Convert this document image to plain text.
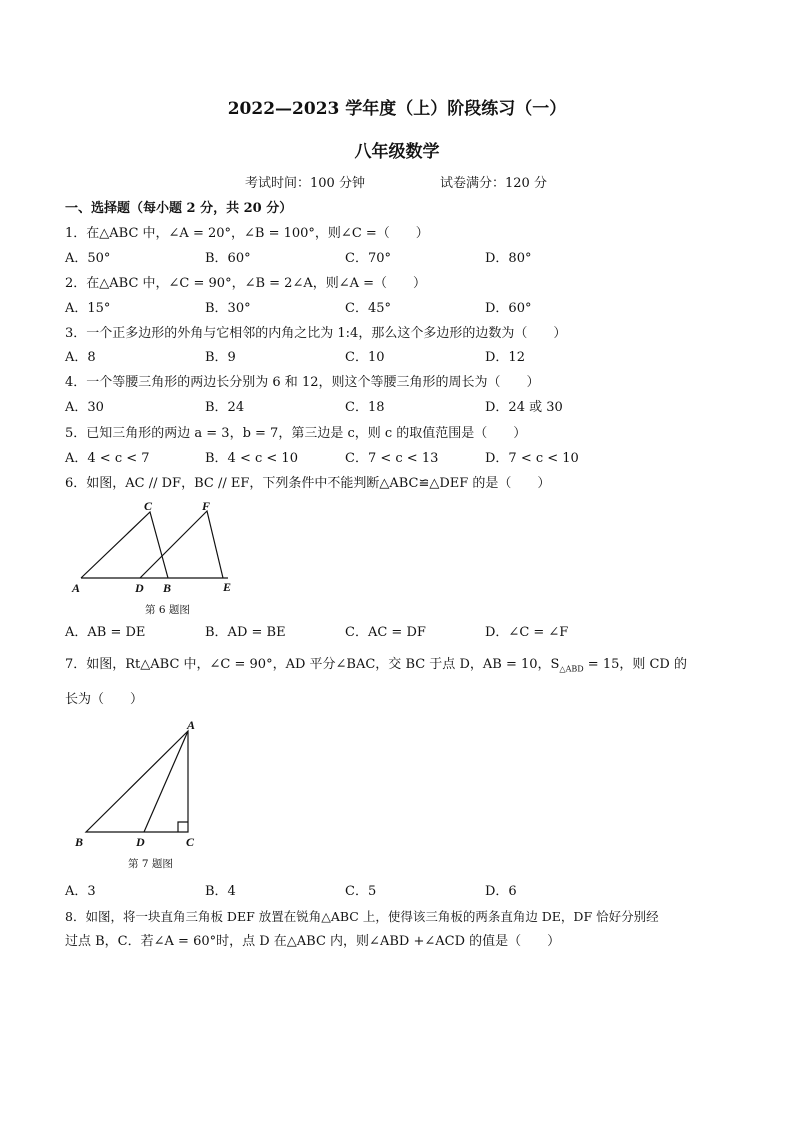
2022—2023 学年度（上）阶段练习（一）
八年级数学
考试时间：100 分钟	试卷满分：120 分
一、选择题（每小题 2 分，共 20 分）
1．在△ABC 中，∠A = 20°，∠B = 100°，则∠C =（　　）
A．50°	B．60°	C．70°	D．80°
2．在△ABC 中，∠C = 90°，∠B = 2∠A，则∠A =（　　）
A．15°	B．30°	C．45°	D．60°
3．一个正多边形的外角与它相邻的内角之比为 1:4，那么这个多边形的边数为（　　）
A．8	B．9	C．10	D．12
4．一个等腰三角形的两边长分别为 6 和 12，则这个等腰三角形的周长为（　　）
A．30	B．24	C．18	D．24 或 30
5．已知三角形的两边 a = 3，b = 7，第三边是 c，则 c 的取值范围是（　　）
A．4 < c < 7	B．4 < c < 10	C．7 < c < 13	D．7 < c < 10
6．如图，AC // DF，BC // EF，下列条件中不能判断△ABC≌△DEF 的是（　　）
C	F
A	D B	E
第 6 题图
A．AB = DE	B．AD = BE	C．AC = DF	D．∠C = ∠F
7．如图，Rt△ABC 中，∠C = 90°，AD 平分∠BAC，交 BC 于点 D，AB = 10，$S_{\triangle ABD} = 15$，则 CD 的
长为（　　）
A
B	D	C
第 7 题图
A．3	B．4	C．5	D．6
8．如图，将一块直角三角板 DEF 放置在锐角△ABC 上，使得该三角板的两条直角边 DE，DF 恰好分别经
过点 B，C．若∠A = 60°时，点 D 在△ABC 内，则∠ABD +∠ACD 的值是（　　）
